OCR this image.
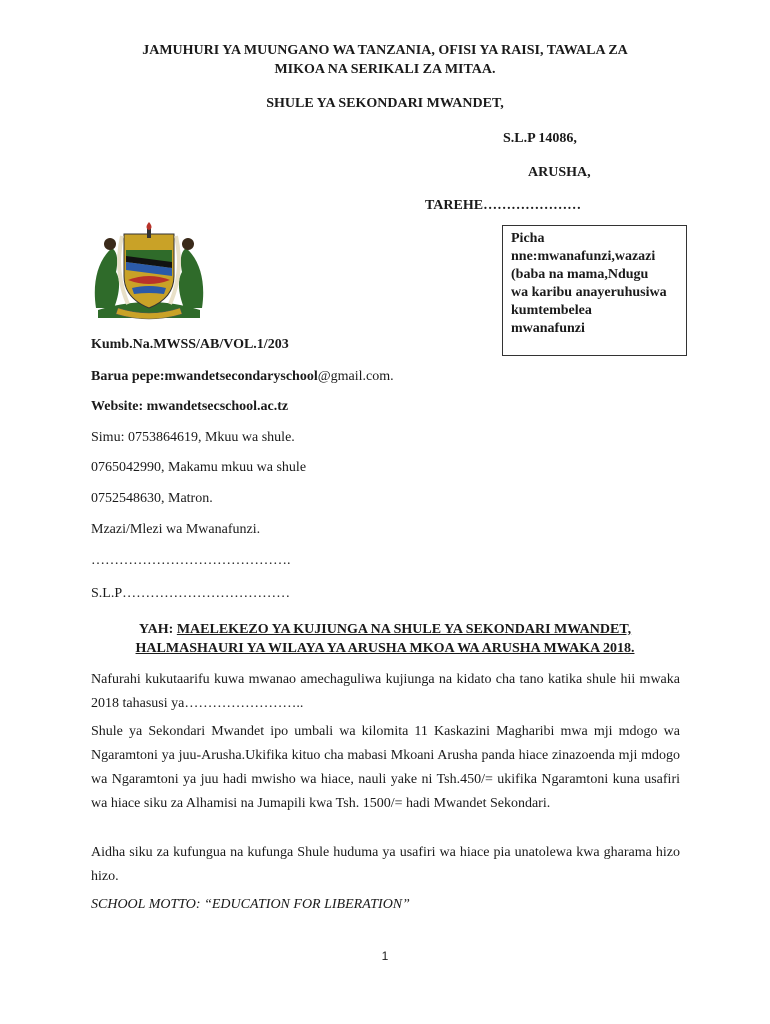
JAMUHURI YA MUUNGANO WA TANZANIA, OFISI YA RAISI, TAWALA ZA
MIKOA NA SERIKALI ZA MITAA.
SHULE YA SEKONDARI MWANDET,
S.L.P 14086,
ARUSHA,
TAREHE…………………
Picha
nne:mwanafunzi,wazazi
(baba na mama,Ndugu
wa karibu anayeruhusiwa
kumtembelea
mwanafunzi
Kumb.Na.MWSS/AB/VOL.1/203
Barua pepe:mwandetsecondaryschool@gmail.com.
Website: mwandetsecschool.ac.tz
Simu: 0753864619, Mkuu wa shule.
0765042990, Makamu mkuu wa shule
0752548630, Matron.
Mzazi/Mlezi wa Mwanafunzi.
…………………………………….
S.L.P………………………………
YAH: MAELEKEZO YA KUJIUNGA NA SHULE YA SEKONDARI MWANDET,
HALMASHAURI YA WILAYA YA ARUSHA MKOA WA ARUSHA MWAKA 2018.
Nafurahi kukutaarifu kuwa mwanao amechaguliwa kujiunga na kidato cha tano katika shule hii mwaka 2018 tahasusi ya……………………..
Shule ya Sekondari Mwandet ipo umbali wa kilomita 11 Kaskazini Magharibi mwa mji mdogo wa Ngaramtoni ya juu-Arusha.Ukifika kituo cha mabasi Mkoani Arusha panda hiace zinazoenda mji mdogo wa Ngaramtoni ya juu hadi mwisho wa hiace, nauli yake ni Tsh.450/= ukifika Ngaramtoni kuna usafiri wa hiace siku za Alhamisi na Jumapili kwa Tsh. 1500/= hadi Mwandet Sekondari.
Aidha siku za kufungua na kufunga Shule huduma ya usafiri wa hiace pia unatolewa kwa gharama hizo hizo.
SCHOOL MOTTO: “EDUCATION FOR LIBERATION”
1
